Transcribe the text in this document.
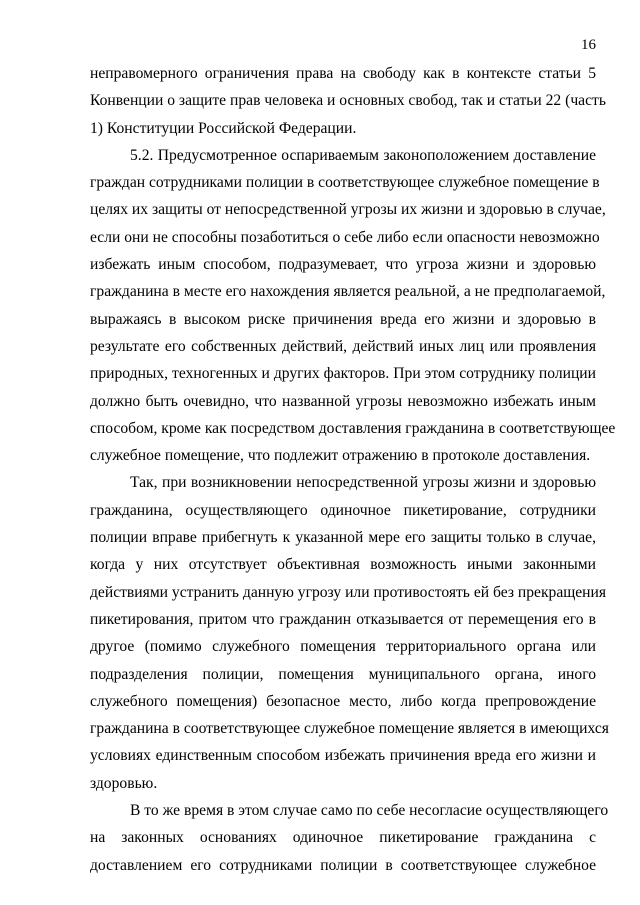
16
неправомерного ограничения права на свободу как в контексте статьи 5
Конвенции о защите прав человека и основных свобод, так и статьи 22 (часть
1) Конституции Российской Федерации.
5.2. Предусмотренное оспариваемым законоположением доставление
граждан сотрудниками полиции в соответствующее служебное помещение в
целях их защиты от непосредственной угрозы их жизни и здоровью в случае,
если они не способны позаботиться о себе либо если опасности невозможно
избежать иным способом, подразумевает, что угроза жизни и здоровью
гражданина в месте его нахождения является реальной, а не предполагаемой,
выражаясь в высоком риске причинения вреда его жизни и здоровью в
результате его собственных действий, действий иных лиц или проявления
природных, техногенных и других факторов. При этом сотруднику полиции
должно быть очевидно, что названной угрозы невозможно избежать иным
способом, кроме как посредством доставления гражданина в соответствующее
служебное помещение, что подлежит отражению в протоколе доставления.
Так, при возникновении непосредственной угрозы жизни и здоровью
гражданина, осуществляющего одиночное пикетирование, сотрудники
полиции вправе прибегнуть к указанной мере его защиты только в случае,
когда у них отсутствует объективная возможность иными законными
действиями устранить данную угрозу или противостоять ей без прекращения
пикетирования, притом что гражданин отказывается от перемещения его в
другое (помимо служебного помещения территориального органа или
подразделения полиции, помещения муниципального органа, иного
служебного помещения) безопасное место, либо когда препровождение
гражданина в соответствующее служебное помещение является в имеющихся
условиях единственным способом избежать причинения вреда его жизни и
здоровью.
В то же время в этом случае само по себе несогласие осуществляющего
на законных основаниях одиночное пикетирование гражданина с
доставлением его сотрудниками полиции в соответствующее служебное
